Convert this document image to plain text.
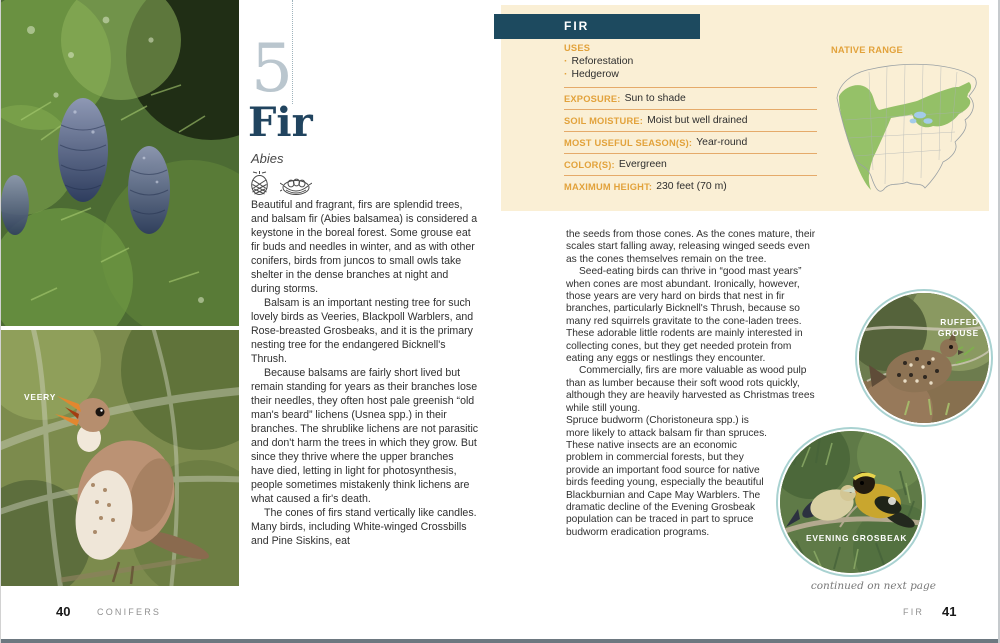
VEERY
5
Fir
Abies

Beautiful and fragrant, firs are splendid trees, and balsam fir (Abies balsamea) is considered a keystone in the boreal forest. Some grouse eat fir buds and needles in winter, and as with other conifers, birds from juncos to small owls take shelter in the dense branches at night and during storms.

Balsam is an important nesting tree for such lovely birds as Veeries, Blackpoll Warblers, and Rose-breasted Grosbeaks, and it is the primary nesting tree for the endangered Bicknell's Thrush.

Because balsams are fairly short lived but remain standing for years as their branches lose their needles, they often host pale greenish “old man's beard” lichens (Usnea spp.) in their branches. The shrublike lichens are not parasitic and don't harm the trees in which they grow. But since they thrive where the upper branches have died, letting in light for photosynthesis, people sometimes mistakenly think lichens are what caused a fir's death.

The cones of firs stand vertically like candles. Many birds, including White-winged Crossbills and Pine Siskins, eat

FIR
USES
· Reforestation
· Hedgerow
EXPOSURE: Sun to shade
SOIL MOISTURE: Moist but well drained
MOST USEFUL SEASON(S): Year-round
COLOR(S): Evergreen
MAXIMUM HEIGHT: 230 feet (70 m)
NATIVE RANGE

the seeds from those cones. As the cones mature, their scales start falling away, releasing winged seeds even as the cones themselves remain on the tree.

Seed-eating birds can thrive in “good mast years” when cones are most abundant. Ironically, however, those years are very hard on birds that nest in fir branches, particularly Bicknell's Thrush, because so many red squirrels gravitate to the cone-laden trees. These adorable little rodents are mainly interested in collecting cones, but they get needed protein from eating any eggs or nestlings they encounter.

Commercially, firs are more valuable as wood pulp than as lumber because their soft wood rots quickly, although they are heavily harvested as Christmas trees while still young.

Spruce budworm (Choristoneura spp.) is more likely to attack balsam fir than spruces. These native insects are an economic problem in commercial forests, but they provide an important food source for native birds feeding young, especially the beautiful Blackburnian and Cape May Warblers. The dramatic decline of the Evening Grosbeak population can be traced in part to spruce budworm eradication programs.

RUFFED GROUSE
EVENING GROSBEAK
continued on next page
40	CONIFERS	FIR 41
